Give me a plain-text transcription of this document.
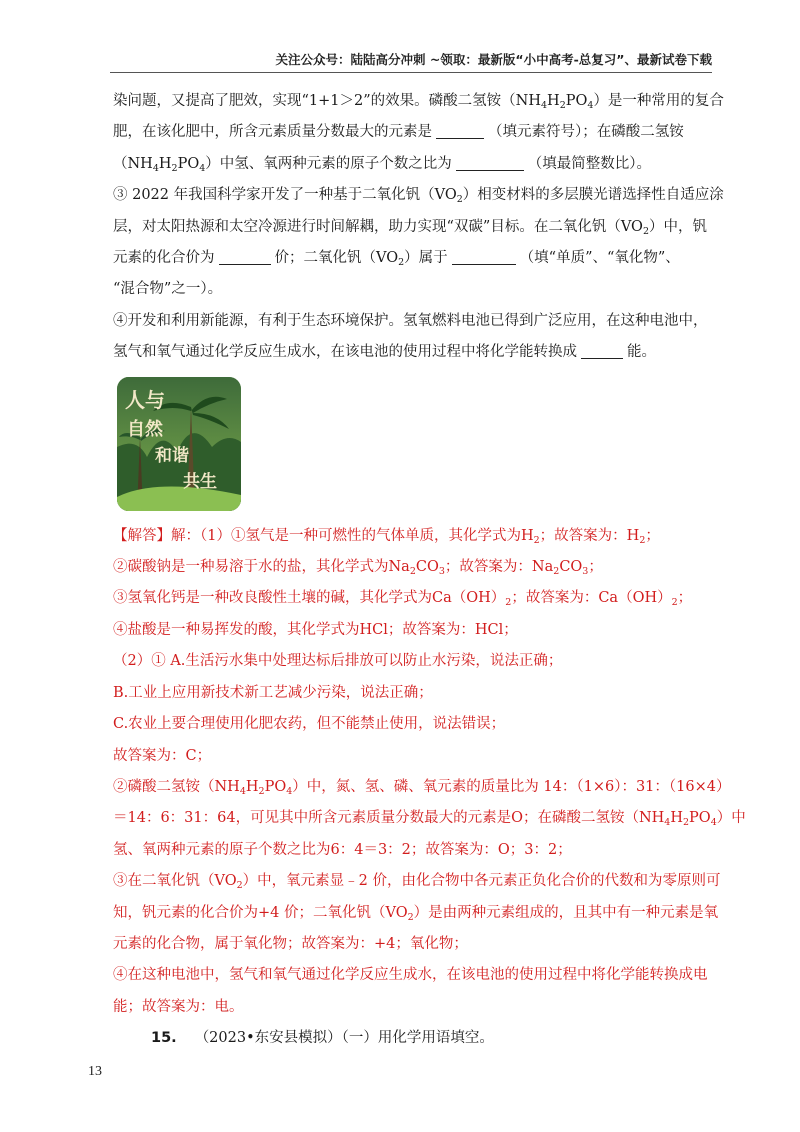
关注公众号：陆陆高分冲刺 ~领取：最新版“小中高考-总复习”、最新试卷下载
染问题，又提高了肥效，实现“1+1＞2”的效果。磷酸二氢铵$(NH_4H_2PO_4)$是一种常用的复合
肥，在该化肥中，所含元素质量分数最大的元素是	（填元素符号）；在磷酸二氢铵
$(NH_4H_2PO_4)$中氢、氧两种元素的原子个数之比为	（填最简整数比）。
③ 2022 年我国科学家开发了一种基于二氧化钒$(VO_2)$相变材料的多层膜光谱选择性自适应涂
层，对太阳热源和太空冷源进行时间解耦，助力实现“双碳”目标。在二氧化钒$(VO_2)$中，钒
元素的化合价为	价；二氧化钒$(VO_2)$属于	（填“单质”、“氧化物”、
“混合物”之一）。
④开发和利用新能源，有利于生态环境保护。氢氧燃料电池已得到广泛应用，在这种电池中，
氢气和氧气通过化学反应生成水，在该电池的使用过程中将化学能转换成	能。
人与
自然
和谐
共生
【解答】解：（1）①氢气是一种可燃性的气体单质，其化学式为$H_2$；故答案为：$H_2$；
②碳酸钠是一种易溶于水的盐，其化学式为$Na_2CO_3$；故答案为：$Na_2CO_3$；
③氢氧化钙是一种改良酸性土壤的碱，其化学式为$Ca(OH)_2$；故答案为：$Ca(OH)_2$；
④盐酸是一种易挥发的酸，其化学式为HCl；故答案为：HCl；
（2）① A.生活污水集中处理达标后排放可以防止水污染，说法正确；
B.工业上应用新技术新工艺减少污染，说法正确；
C.农业上要合理使用化肥农药，但不能禁止使用，说法错误；
故答案为：C；
②磷酸二氢铵$(NH_4H_2PO_4)$中，氮、氢、磷、氧元素的质量比为 14：（1×6）：31：（16×4）
＝14：6：31：64，可见其中所含元素质量分数最大的元素是O；在磷酸二氢铵$(NH_4H_2PO_4)$中
氢、氧两种元素的原子个数之比为6：4＝3：2；故答案为：O；3：2；
③在二氧化钒$(VO_2)$中，氧元素显﹣2 价，由化合物中各元素正负化合价的代数和为零原则可
知，钒元素的化合价为+4 价；二氧化钒$(VO_2)$是由两种元素组成的，且其中有一种元素是氧
元素的化合物，属于氧化物；故答案为：+4；氧化物；
④在这种电池中，氢气和氧气通过化学反应生成水，在该电池的使用过程中将化学能转换成电
能；故答案为：电。
15. （2023•东安县模拟）（一）用化学用语填空。
13
